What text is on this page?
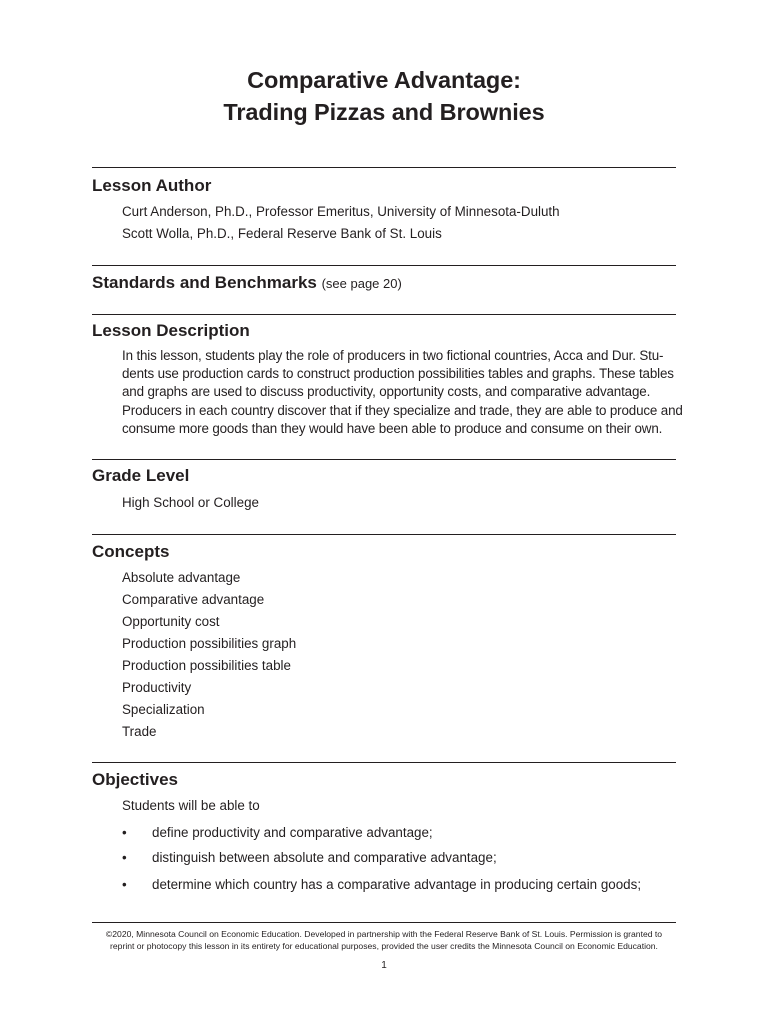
Comparative Advantage:
Trading Pizzas and Brownies
Lesson Author
Curt Anderson, Ph.D., Professor Emeritus, University of Minnesota-Duluth
Scott Wolla, Ph.D., Federal Reserve Bank of St. Louis
Standards and Benchmarks (see page 20)
Lesson Description
In this lesson, students play the role of producers in two fictional countries, Acca and Dur. Stu-
dents use production cards to construct production possibilities tables and graphs. These tables
and graphs are used to discuss productivity, opportunity costs, and comparative advantage.
Producers in each country discover that if they specialize and trade, they are able to produce and
consume more goods than they would have been able to produce and consume on their own.
Grade Level
High School or College
Concepts
Absolute advantage
Comparative advantage
Opportunity cost
Production possibilities graph
Production possibilities table
Productivity
Specialization
Trade
Objectives
Students will be able to
• define productivity and comparative advantage;
• distinguish between absolute and comparative advantage;
• determine which country has a comparative advantage in producing certain goods;
©2020, Minnesota Council on Economic Education. Developed in partnership with the Federal Reserve Bank of St. Louis. Permission is granted to
reprint or photocopy this lesson in its entirety for educational purposes, provided the user credits the Minnesota Council on Economic Education.
1
